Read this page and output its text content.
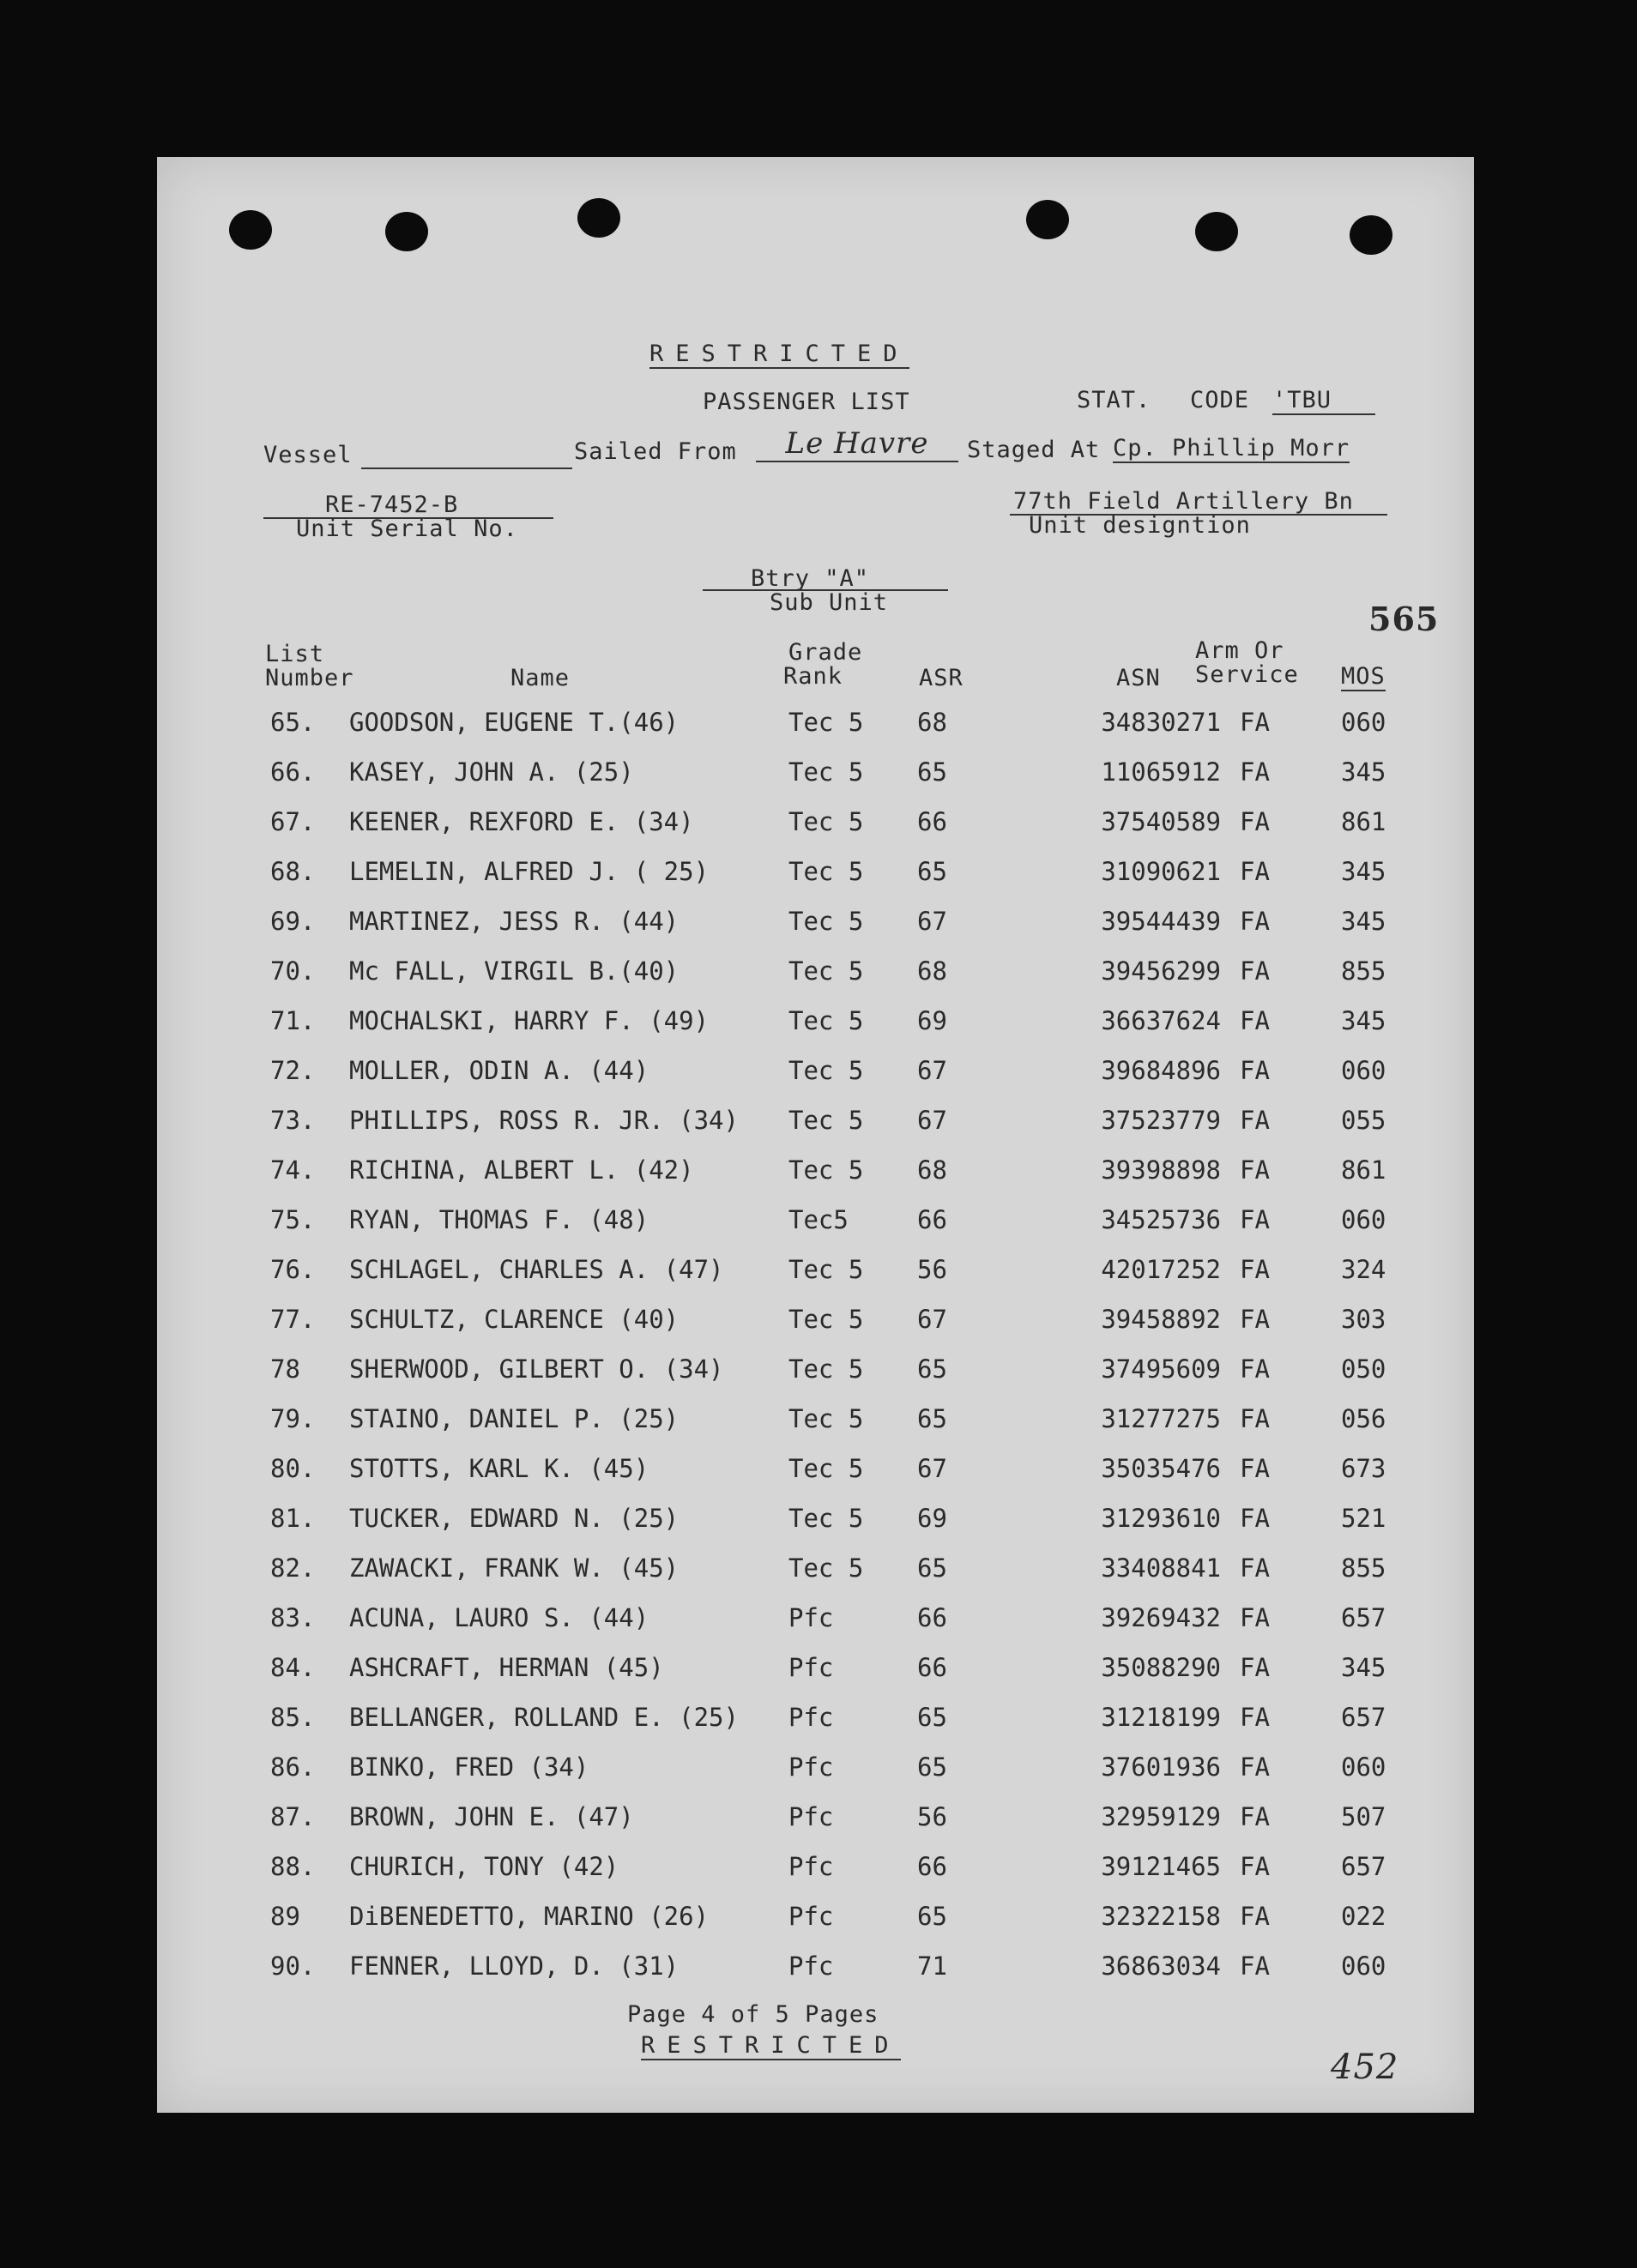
RESTRICTED
PASSENGER LIST	STAT. CODE 'TBU
Vessel	Sailed From	Le Havre	Staged At Cp. Phillip Morr
RE-7452-B
Unit Serial No.
77th Field Artillery Bn
Unit designtion
Btry "A"
Sub Unit	565
List
Number	Name
Grade
Rank	ASR	ASN
Arm Or
Service MOS
65. GOODSON, EUGENE T.(46)	Tec 5 68	34830271 FA	060
66. KASEY, JOHN A. (25)	Tec 5 65	11065912 FA	345
67. KEENER, REXFORD E. (34)	Tec 5 66	37540589 FA	861
68. LEMELIN, ALFRED J. ( 25)	Tec 5 65	31090621 FA	345
69. MARTINEZ, JESS R. (44)	Tec 5 67	39544439 FA	345
70. Mc FALL, VIRGIL B.(40)	Tec 5 68	39456299 FA	855
71. MOCHALSKI, HARRY F. (49)	Tec 5 69	36637624 FA	345
72. MOLLER, ODIN A. (44)	Tec 5 67	39684896 FA	060
73. PHILLIPS, ROSS R. JR. (34) Tec 5 67	37523779 FA	055
74. RICHINA, ALBERT L. (42)	Tec 5 68	39398898 FA	861
75. RYAN, THOMAS F. (48)	Tec5	66	34525736 FA	060
76. SCHLAGEL, CHARLES A. (47)	Tec 5 56	42017252 FA	324
77. SCHULTZ, CLARENCE (40)	Tec 5 67	39458892 FA	303
78 SHERWOOD, GILBERT O. (34)	Tec 5 65	37495609 FA	050
79. STAINO, DANIEL P. (25)	Tec 5 65	31277275 FA	056
80. STOTTS, KARL K. (45)	Tec 5 67	35035476 FA	673
81. TUCKER, EDWARD N. (25)	Tec 5 69	31293610 FA	521
82. ZAWACKI, FRANK W. (45)	Tec 5 65	33408841 FA	855
83. ACUNA, LAURO S. (44)	Pfc	66	39269432 FA	657
84. ASHCRAFT, HERMAN (45)	Pfc	66	35088290 FA	345
85. BELLANGER, ROLLAND E. (25) Pfc	65	31218199 FA	657
86. BINKO, FRED (34)	Pfc	65	37601936 FA	060
87. BROWN, JOHN E. (47)	Pfc	56	32959129 FA	507
88. CHURICH, TONY (42)	Pfc	66	39121465 FA	657
89 DiBENEDETTO, MARINO (26)	Pfc	65	32322158 FA	022
90. FENNER, LLOYD, D. (31)	Pfc	71	36863034 FA	060
Page 4 of 5 Pages
RESTRICTED
452
